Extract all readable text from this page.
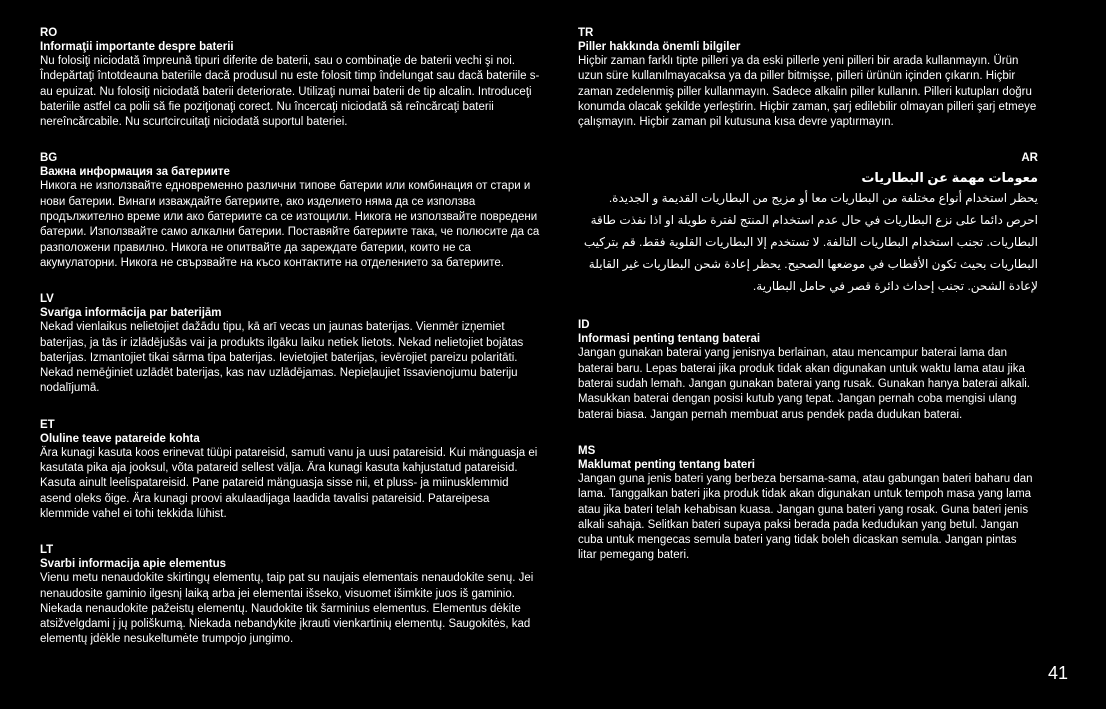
RO

Informaţii importante despre baterii

Nu folosiţi niciodată împreună tipuri diferite de baterii, sau o combinaţie de baterii vechi şi noi. Îndepărtaţi întotdeauna bateriile dacă produsul nu este folosit timp îndelungat sau dacă bateriile s-au epuizat. Nu folosiţi niciodată baterii deteriorate. Utilizaţi numai baterii de tip alcalin. Introduceţi bateriile astfel ca polii să fie poziţionaţi corect. Nu încercaţi niciodată să reîncărcaţi baterii nereîncărcabile. Nu scurtcircuitaţi niciodată suportul bateriei.

BG

Важна информация за батериите

Никога не използвайте едновременно различни типове батерии или комбинация от стари и нови батерии. Винаги изваждайте батериите, ако изделието няма да се използва продължително време или ако батериите са се изтощили. Никога не използвайте повредени батерии. Използвайте само алкални батерии. Поставяйте батериите така, че полюсите да са разположени правилно. Никога не опитвайте да зареждате батерии, които не са акумулаторни. Никога не свързвайте на късо контактите на отделението за батериите.

LV

Svarīga informācija par baterijām

Nekad vienlaikus nelietojiet dažādu tipu, kā arī vecas un jaunas baterijas. Vienmēr izņemiet baterijas, ja tās ir izlādējušās vai ja produkts ilgāku laiku netiek lietots. Nekad nelietojiet bojātas baterijas. Izmantojiet tikai sārma tipa baterijas. Ievietojiet baterijas, ievērojiet pareizu polaritāti. Nekad nemēģiniet uzlādēt baterijas, kas nav uzlādējamas. Nepieļaujiet īssavienojumu bateriju nodalījumā.

ET

Oluline teave patareide kohta

Ära kunagi kasuta koos erinevat tüüpi patareisid, samuti vanu ja uusi patareisid. Kui mänguasja ei kasutata pika aja jooksul, võta patareid sellest välja. Ära kunagi kasuta kahjustatud patareisid. Kasuta ainult leelispatareisid. Pane patareid mänguasja sisse nii, et pluss- ja miinusklemmid asend oleks õige. Ära kunagi proovi akulaadijaga laadida tavalisi patareisid. Patareipesa klemmide vahel ei tohi tekkida lühist.

LT

Svarbi informacija apie elementus

Vienu metu nenaudokite skirtingų elementų, taip pat su naujais elementais nenaudokite senų. Jei nenaudosite gaminio ilgesnį laiką arba jei elementai išseko, visuomet išimkite juos iš gaminio. Niekada nenaudokite pažeistų elementų. Naudokite tik šarminius elementus. Elementus dėkite atsižvelgdami į jų poliškumą. Niekada nebandykite įkrauti vienkartinių elementų. Saugokitės, kad elementų jdėkle nesukeltumėte trumpojo jungimo.

TR

Piller hakkında önemli bilgiler

Hiçbir zaman farklı tipte pilleri ya da eski pillerle yeni pilleri bir arada kullanmayın. Ürün uzun süre kullanılmayacaksa ya da piller bitmişse, pilleri ürünün içinden çıkarın. Hiçbir zaman zedelenmiş piller kullanmayın. Sadece alkalin piller kullanın. Pilleri kutupları doğru konumda olacak şekilde yerleştirin. Hiçbir zaman, şarj edilebilir olmayan pilleri şarj etmeye çalışmayın. Hiçbir zaman pil kutusuna kısa devre yaptırmayın.

AR

معومات مهمة عن البطاريات

يحظر استخدام أنواع مختلفة من البطاريات معا أو مزيج من البطاريات القديمة و الجديدة. احرص دائما على نزع البطاريات في حال عدم استخدام المنتج لفترة طويلة او اذا نفذت طاقة البطاريات. تجنب استخدام البطاريات التالفة. لا تستخدم إلا البطاريات القلوية فقط. قم بتركيب البطاريات بحيث تكون الأقطاب في موضعها الصحيح. يحظر إعادة شحن البطاريات غير القابلة لإعادة الشحن. تجنب إحداث دائرة قصر في حامل البطارية.

ID

Informasi penting tentang baterai

Jangan gunakan baterai yang jenisnya berlainan, atau mencampur baterai lama dan baterai baru. Lepas baterai jika produk tidak akan digunakan untuk waktu lama atau jika baterai sudah lemah. Jangan gunakan baterai yang rusak. Gunakan hanya baterai alkali. Masukkan baterai dengan posisi kutub yang tepat. Jangan pernah coba mengisi ulang baterai biasa. Jangan pernah membuat arus pendek pada dudukan baterai.

MS

Maklumat penting tentang bateri

Jangan guna jenis bateri yang berbeza bersama-sama, atau gabungan bateri baharu dan lama. Tanggalkan bateri jika produk tidak akan digunakan untuk tempoh masa yang lama atau jika bateri telah kehabisan kuasa. Jangan guna bateri yang rosak. Guna bateri jenis alkali sahaja. Selitkan bateri supaya paksi berada pada kedudukan yang betul. Jangan cuba untuk mengecas semula bateri yang tidak boleh dicaskan semula. Jangan pintas litar pemegang bateri.

41
